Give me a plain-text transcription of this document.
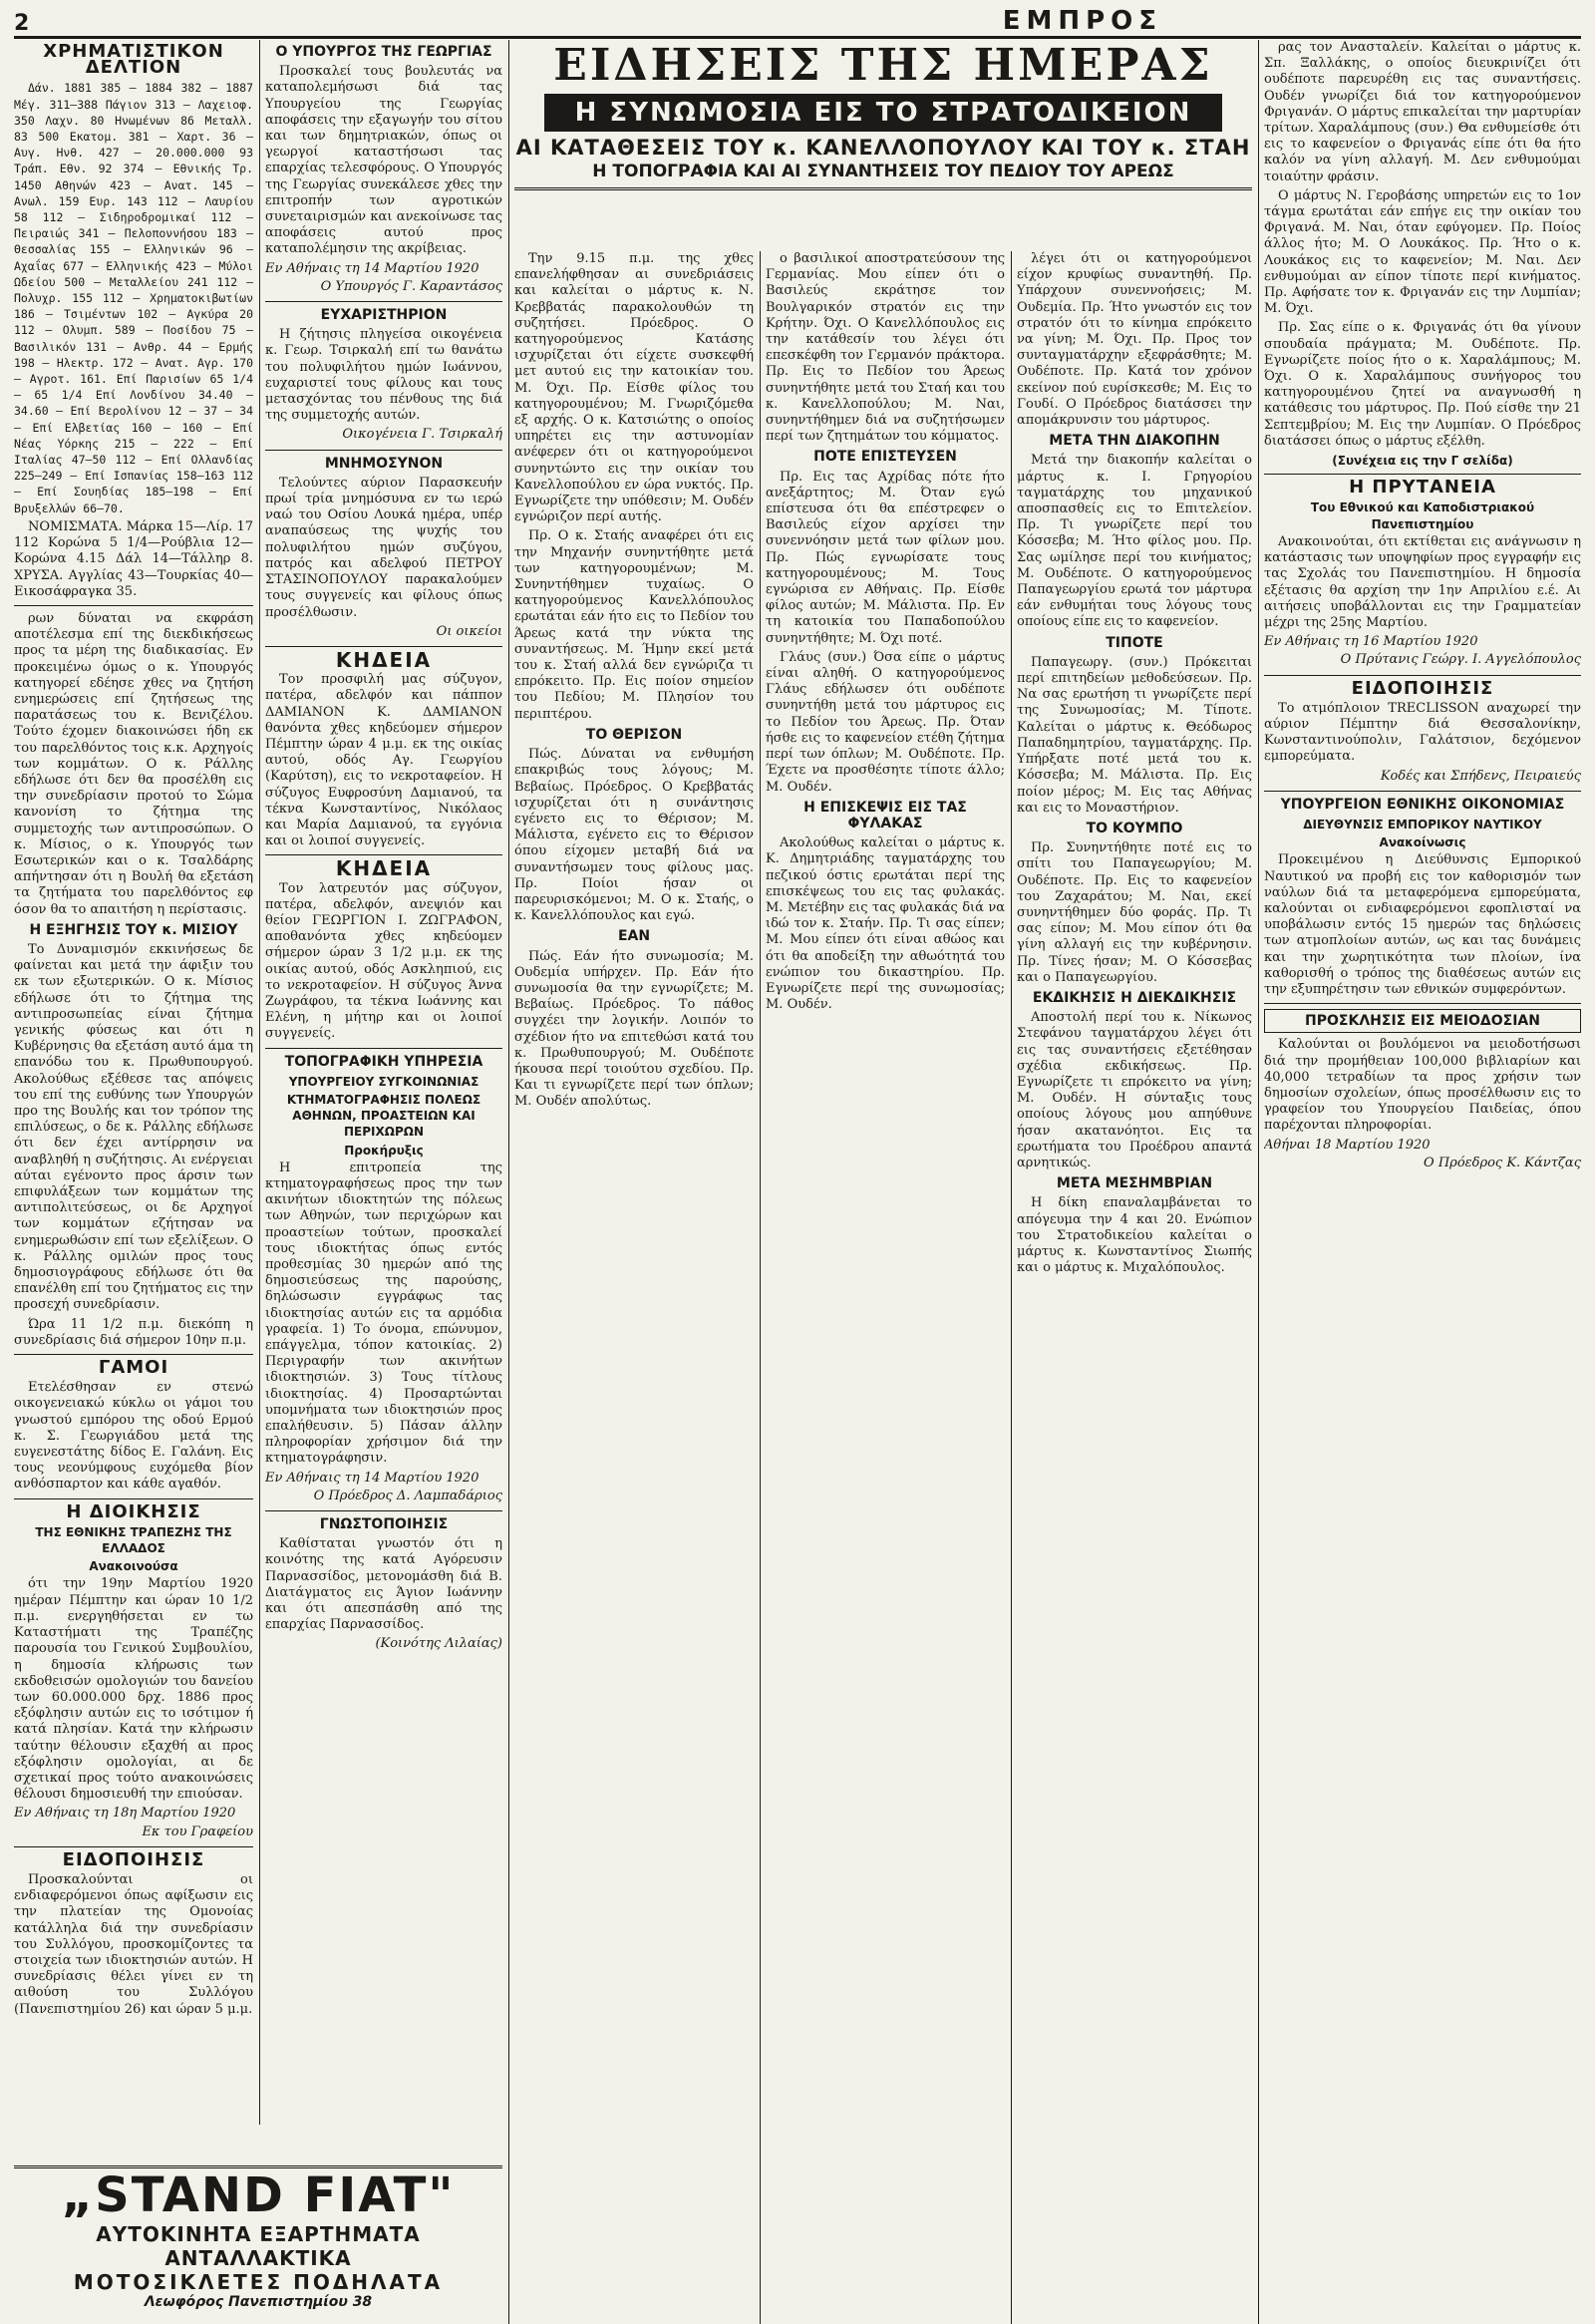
2	ΕΜΠΡΟΣ
ΧΡΗΜΑΤΙΣΤΙΚΟΝ ΔΕΛΤΙΟΝ

Δάν. 1881 385 — 1884 382 — 1887 Μέγ. 311—388 Πάγιον 313 — Λαχειοφ. 350 Λαχν. 80 Ηνωμένων 86 Μεταλλ. 83 500 Εκατομ. 381 — Χαρτ. 36 — Αυγ. Ηνθ. 427 — 20.000.000 93 Τράπ. Εθν. 92 374 — Εθνικής Τρ. 1450 Αθηνών 423 — Ανατ. 145 — Ανωλ. 159 Ευρ. 143 112 — Λαυρίου 58 112 — Σιδηροδρομικαί 112 — Πειραιώς 341 — Πελοποννήσου 183 — Θεσσαλίας 155 — Ελληνικών 96 — Αχαΐας 677 — Ελληνικής 423 — Μύλοι Ωδείου 500 — Μεταλλείου 241 112 — Πολυχρ. 155 112 — Χρηματοκιβωτίων 186 — Τσιμέντων 102 — Αγκύρα 20 112 — Ολυμπ. 589 — Ποσίδου 75 — Βασιλικόν 131 — Ανθρ. 44 — Ερμής 198 — Ηλεκτρ. 172 — Ανατ. Αγρ. 170 — Αγροτ. 161. Επί Παρισίων 65 1/4 — 65 1/4 Επί Λονδίνου 34.40 — 34.60 — Επί Βερολίνου 12 — 37 — 34 — Επί Ελβετίας 160 — 160 — Επί Νέας Υόρκης 215 — 222 — Επί Ιταλίας 47—50 112 — Επί Ολλανδίας 225—249 — Επί Ισπανίας 158—163 112 — Επί Σουηδίας 185—198 — Επί Βρυξελλών 66—70.

ΝΟΜΙΣΜΑΤΑ. Μάρκα 15—Λίρ. 17 112 Κορώνα 5 1/4—Ρούβλια 12—Κορώνα 4.15 Δάλ 14—Τάλληρ 8. ΧΡΥΣΑ. Αγγλίας 43—Τουρκίας 40—Εικοσάφραγκα 35.

ρων δύναται να εκφράση αποτέλεσμα επί της διεκδικήσεως προς τα μέρη της διαδικασίας. Εν προκειμένω όμως ο κ. Υπουργός κατηγορεί εδέησε χθες να ζητήση ενημερώσεις επί ζητήσεως της παρατάσεως του κ. Βενιζέλου. Τούτο έχομεν διακοινώσει ήδη εκ του παρελθόντος τοις κ.κ. Αρχηγοίς των κομμάτων. Ο κ. Ράλλης εδήλωσε ότι δεν θα προσέλθη εις την συνεδρίασιν προτού το Σώμα κανονίση το ζήτημα της συμμετοχής των αντιπροσώπων. Ο κ. Μίσιος, ο κ. Υπουργός των Εσωτερικών και ο κ. Τσαλδάρης απήντησαν ότι η Βουλή θα εξετάση τα ζητήματα του παρελθόντος εφ όσον θα το απαιτήση η περίστασις.

Η ΕΞΗΓΗΣΙΣ ΤΟΥ κ. ΜΙΣΙΟΥ

Το Δυναμισμόν εκκινήσεως δε φαίνεται και μετά την άφιξιν του εκ των εξωτερικών. Ο κ. Μίσιος εδήλωσε ότι το ζήτημα της αντιπροσωπείας είναι ζήτημα γενικής φύσεως και ότι η Κυβέρνησις θα εξετάση αυτό άμα τη επανόδω του κ. Πρωθυπουργού. Ακολούθως εξέθεσε τας απόψεις του επί της ευθύνης των Υπουργών προ της Βουλής και τον τρόπον της επιλύσεως, ο δε κ. Ράλλης εδήλωσε ότι δεν έχει αντίρρησιν να αναβληθή η συζήτησις. Αι ενέργειαι αύται εγένοντο προς άρσιν των επιφυλάξεων των κομμάτων της αντιπολιτεύσεως, οι δε Αρχηγοί των κομμάτων εζήτησαν να ενημερωθώσιν επί των εξελίξεων. Ο κ. Ράλλης ομιλών προς τους δημοσιογράφους εδήλωσε ότι θα επανέλθη επί του ζητήματος εις την προσεχή συνεδρίασιν.

Ώρα 11 1/2 π.μ. διεκόπη η συνεδρίασις διά σήμερον 10ην π.μ.

ΓΑΜΟΙ

Ετελέσθησαν εν στενώ οικογενειακώ κύκλω οι γάμοι του γνωστού εμπόρου της οδού Ερμού κ. Σ. Γεωργιάδου μετά της ευγενεστάτης δίδος Ε. Γαλάνη. Εις τους νεονύμφους ευχόμεθα βίον ανθόσπαρτον και κάθε αγαθόν.

Η ΔΙΟΙΚΗΣΙΣ
ΤΗΣ ΕΘΝΙΚΗΣ ΤΡΑΠΕΖΗΣ ΤΗΣ ΕΛΛΑΔΟΣ
Ανακοινούσα

ότι την 19ην Μαρτίου 1920 ημέραν Πέμπτην και ώραν 10 1/2 π.μ. ενεργηθήσεται εν τω Καταστήματι της Τραπέζης παρουσία του Γενικού Συμβουλίου, η δημοσία κλήρωσις των εκδοθεισών ομολογιών του δανείου των 60.000.000 δρχ. 1886 προς εξόφλησιν αυτών εις το ισότιμον ή κατά πλησίαν. Κατά την κλήρωσιν ταύτην θέλουσιν εξαχθή αι προς εξόφλησιν ομολογίαι, αι δε σχετικαί προς τούτο ανακοινώσεις θέλουσι δημοσιευθή την επιούσαν.

Εν Αθήναις τη 18η Μαρτίου 1920
Εκ του Γραφείου
ΕΙΔΟΠΟΙΗΣΙΣ

Προσκαλούνται οι ενδιαφερόμενοι όπως αφίξωσιν εις την πλατείαν της Ομονοίας κατάλληλα διά την συνεδρίασιν του Συλλόγου, προσκομίζοντες τα στοιχεία των ιδιοκτησιών αυτών. Η συνεδρίασις θέλει γίνει εν τη αιθούση του Συλλόγου (Πανεπιστημίου 26) και ώραν 5 μ.μ.

„STAND FIAT"
ΑΥΤΟΚΙΝΗΤΑ ΕΞΑΡΤΗΜΑΤΑ ΑΝΤΑΛΛΑΚΤΙΚΑ
ΜΟΤΟΣΙΚΛΕΤΕΣ ΠΟΔΗΛΑΤΑ
Λεωφόρος Πανεπιστημίου 38
Ο ΥΠΟΥΡΓΟΣ ΤΗΣ ΓΕΩΡΓΙΑΣ

Προσκαλεί τους βουλευτάς να καταπολεμήσωσι διά τας Υπουργείου της Γεωργίας αποφάσεις την εξαγωγήν του σίτου και των δημητριακών, όπως οι γεωργοί καταστήσωσι τας επαρχίας τελεσφόρους. Ο Υπουργός της Γεωργίας συνεκάλεσε χθες την επιτροπήν των αγροτικών συνεταιρισμών και ανεκοίνωσε τας αποφάσεις αυτού προς καταπολέμησιν της ακρίβειας.

Εν Αθήναις τη 14 Μαρτίου 1920
Ο Υπουργός Γ. Καραντάσος
ΕΥΧΑΡΙΣΤΗΡΙΟΝ

Η ζήτησις πληγείσα οικογένεια κ. Γεωρ. Τσιρκαλή επί τω θανάτω του πολυφιλήτου ημών Ιωάννου, ευχαριστεί τους φίλους και τους μετασχόντας του πένθους της διά της συμμετοχής αυτών.

Οικογένεια Γ. Τσιρκαλή
ΜΝΗΜΟΣΥΝΟΝ

Τελούντες αύριον Παρασκευήν πρωί τρία μνημόσυνα εν τω ιερώ ναώ του Οσίου Λουκά ημέρα, υπέρ αναπαύσεως της ψυχής του πολυφιλήτου ημών συζύγου, πατρός και αδελφού ΠΕΤΡΟΥ ΣΤΑΣΙΝΟΠΟΥΛΟΥ παρακαλούμεν τους συγγενείς και φίλους όπως προσέλθωσιν.

Οι οικείοι
ΚΗΔΕΙΑ

Τον προσφιλή μας σύζυγον, πατέρα, αδελφόν και πάππον ΔΑΜΙΑΝΟΝ Κ. ΔΑΜΙΑΝΟΝ θανόντα χθες κηδεύομεν σήμερον Πέμπτην ώραν 4 μ.μ. εκ της οικίας αυτού, οδός Αγ. Γεωργίου (Καρύτση), εις το νεκροταφείον. Η σύζυγος Ευφροσύνη Δαμιανού, τα τέκνα Κωνσταντίνος, Νικόλαος και Μαρία Δαμιανού, τα εγγόνια και οι λοιποί συγγενείς.

ΚΗΔΕΙΑ

Τον λατρευτόν μας σύζυγον, πατέρα, αδελφόν, ανεψιόν και θείον ΓΕΩΡΓΙΟΝ Ι. ΖΩΓΡΑΦΟΝ, αποθανόντα χθες κηδεύομεν σήμερον ώραν 3 1/2 μ.μ. εκ της οικίας αυτού, οδός Ασκληπιού, εις το νεκροταφείον. Η σύζυγος Άννα Ζωγράφου, τα τέκνα Ιωάννης και Ελένη, η μήτηρ και οι λοιποί συγγενείς.

ΤΟΠΟΓΡΑΦΙΚΗ ΥΠΗΡΕΣΙΑ
ΥΠΟΥΡΓΕΙΟΥ ΣΥΓΚΟΙΝΩΝΙΑΣ
ΚΤΗΜΑΤΟΓΡΑΦΗΣΙΣ ΠΟΛΕΩΣ ΑΘΗΝΩΝ, ΠΡΟΑΣΤΕΙΩΝ ΚΑΙ ΠΕΡΙΧΩΡΩΝ
Προκήρυξις

Η επιτροπεία της κτηματογραφήσεως προς την των ακινήτων ιδιοκτητών της πόλεως των Αθηνών, των περιχώρων και προαστείων τούτων, προσκαλεί τους ιδιοκτήτας όπως εντός προθεσμίας 30 ημερών από της δημοσιεύσεως της παρούσης, δηλώσωσιν εγγράφως τας ιδιοκτησίας αυτών εις τα αρμόδια γραφεία. 1) Το όνομα, επώνυμον, επάγγελμα, τόπον κατοικίας. 2) Περιγραφήν των ακινήτων ιδιοκτησιών. 3) Τους τίτλους ιδιοκτησίας. 4) Προσαρτώνται υπομνήματα των ιδιοκτησιών προς επαλήθευσιν. 5) Πάσαν άλλην πληροφορίαν χρήσιμον διά την κτηματογράφησιν.

Εν Αθήναις τη 14 Μαρτίου 1920
Ο Πρόεδρος Δ. Λαμπαδάριος
ΓΝΩΣΤΟΠΟΙΗΣΙΣ

Καθίσταται γνωστόν ότι η κοινότης της κατά Αγόρευσιν Παρνασσίδος, μετονομάσθη διά Β. Διατάγματος εις Άγιον Ιωάννην και ότι απεσπάσθη από της επαρχίας Παρνασσίδος.

(Κοινότης Λιλαίας)
ΕΙΔΗΣΕΙΣ ΤΗΣ ΗΜΕΡΑΣ
Η ΣΥΝΩΜΟΣΙΑ ΕΙΣ ΤΟ ΣΤΡΑΤΟΔΙΚΕΙΟΝ
ΑΙ ΚΑΤΑΘΕΣΕΙΣ ΤΟΥ κ. ΚΑΝΕΛΛΟΠΟΥΛΟΥ ΚΑΙ ΤΟΥ κ. ΣΤΑΗ
Η ΤΟΠΟΓΡΑΦΙΑ ΚΑΙ ΑΙ ΣΥΝΑΝΤΗΣΕΙΣ ΤΟΥ ΠΕΔΙΟΥ ΤΟΥ ΑΡΕΩΣ

Την 9.15 π.μ. της χθες επανελήφθησαν αι συνεδριάσεις και καλείται ο μάρτυς κ. Ν. Κρεββατάς παρακολουθών τη συζητήσει. Πρόεδρος. Ο κατηγορούμενος Κατάσης ισχυρίζεται ότι είχετε συσκεφθή μετ αυτού εις την κατοικίαν του. Μ. Όχι. Πρ. Είσθε φίλος του κατηγορουμένου; Μ. Γνωριζόμεθα εξ αρχής. Ο κ. Κατσιώτης ο οποίος υπηρέτει εις την αστυνομίαν ανέφερεν ότι οι κατηγορούμενοι συνηντώντο εις την οικίαν του Κανελλοπούλου εν ώρα νυκτός. Πρ. Εγνωρίζετε την υπόθεσιν; Μ. Ουδέν εγνώριζον περί αυτής.

Πρ. Ο κ. Σταής αναφέρει ότι εις την Μηχανήν συνηντήθητε μετά των κατηγορουμένων; Μ. Συνηντήθημεν τυχαίως. Ο κατηγορούμενος Κανελλόπουλος ερωτάται εάν ήτο εις το Πεδίον του Άρεως κατά την νύκτα της συναντήσεως. Μ. Ήμην εκεί μετά του κ. Σταή αλλά δεν εγνώριζα τι επρόκειτο. Πρ. Εις ποίον σημείον του Πεδίου; Μ. Πλησίον του περιπτέρου.

ΤΟ ΘΕΡΙΣΟΝ

Πώς. Δύναται να ενθυμήση επακριβώς τους λόγους; Μ. Βεβαίως. Πρόεδρος. Ο Κρεββατάς ισχυρίζεται ότι η συνάντησις εγένετο εις το Θέρισον; Μ. Μάλιστα, εγένετο εις το Θέρισον όπου είχομεν μεταβή διά να συναντήσωμεν τους φίλους μας. Πρ. Ποίοι ήσαν οι παρευρισκόμενοι; Μ. Ο κ. Σταής, ο κ. Κανελλόπουλος και εγώ.

ΕΑΝ

Πώς. Εάν ήτο συνωμοσία; Μ. Ουδεμία υπήρχεν. Πρ. Εάν ήτο συνωμοσία θα την εγνωρίζετε; Μ. Βεβαίως. Πρόεδρος. Το πάθος συγχέει την λογικήν. Λοιπόν το σχέδιον ήτο να επιτεθώσι κατά του κ. Πρωθυπουργού; Μ. Ουδέποτε ήκουσα περί τοιούτου σχεδίου. Πρ. Και τι εγνωρίζετε περί των όπλων; Μ. Ουδέν απολύτως.

ο βασιλικοί αποστρατεύσουν της Γερμανίας. Μου είπεν ότι ο Βασιλεύς εκράτησε τον Βουλγαρικόν στρατόν εις την Κρήτην. Όχι. Ο Κανελλόπουλος εις την κατάθεσίν του λέγει ότι επεσκέφθη τον Γερμανόν πράκτορα. Πρ. Εις το Πεδίον του Άρεως συνηντήθητε μετά του Σταή και του κ. Κανελλοπούλου; Μ. Ναι, συνηντήθημεν διά να συζητήσωμεν περί των ζητημάτων του κόμματος.

ΠΟΤΕ ΕΠΙΣΤΕΥΣΕΝ

Πρ. Εις τας Αχρίδας πότε ήτο ανεξάρτητος; Μ. Όταν εγώ επίστευσα ότι θα επέστρεφεν ο Βασιλεύς είχον αρχίσει την συνεννόησιν μετά των φίλων μου. Πρ. Πώς εγνωρίσατε τους κατηγορουμένους; Μ. Τους εγνώρισα εν Αθήναις. Πρ. Είσθε φίλος αυτών; Μ. Μάλιστα. Πρ. Εν τη κατοικία του Παπαδοπούλου συνηντήθητε; Μ. Όχι ποτέ.

Γλάυς (συν.) Όσα είπε ο μάρτυς είναι αληθή. Ο κατηγορούμενος Γλάυς εδήλωσεν ότι ουδέποτε συνηντήθη μετά του μάρτυρος εις το Πεδίον του Άρεως. Πρ. Όταν ήσθε εις το καφενείον ετέθη ζήτημα περί των όπλων; Μ. Ουδέποτε. Πρ. Έχετε να προσθέσητε τίποτε άλλο; Μ. Ουδέν.

Η ΕΠΙΣΚΕΨΙΣ ΕΙΣ ΤΑΣ ΦΥΛΑΚΑΣ

Ακολούθως καλείται ο μάρτυς κ. Κ. Δημητριάδης ταγματάρχης του πεζικού όστις ερωτάται περί της επισκέψεως του εις τας φυλακάς. Μ. Μετέβην εις τας φυλακάς διά να ιδώ τον κ. Σταήν. Πρ. Τι σας είπεν; Μ. Μου είπεν ότι είναι αθώος και ότι θα αποδείξη την αθωότητά του ενώπιον του δικαστηρίου. Πρ. Εγνωρίζετε περί της συνωμοσίας; Μ. Ουδέν.

λέγει ότι οι κατηγορούμενοι είχον κρυφίως συναντηθή. Πρ. Υπάρχουν συνεννοήσεις; Μ. Ουδεμία. Πρ. Ήτο γνωστόν εις τον στρατόν ότι το κίνημα επρόκειτο να γίνη; Μ. Όχι. Πρ. Προς τον συνταγματάρχην εξεφράσθητε; Μ. Ουδέποτε. Πρ. Κατά τον χρόνον εκείνον πού ευρίσκεσθε; Μ. Εις το Γουδί. Ο Πρόεδρος διατάσσει την απομάκρυνσιν του μάρτυρος.

ΜΕΤΑ ΤΗΝ ΔΙΑΚΟΠΗΝ

Μετά την διακοπήν καλείται ο μάρτυς κ. Ι. Γρηγορίου ταγματάρχης του μηχανικού αποσπασθείς εις το Επιτελείον. Πρ. Τι γνωρίζετε περί του Κόσσεβα; Μ. Ήτο φίλος μου. Πρ. Σας ωμίλησε περί του κινήματος; Μ. Ουδέποτε. Ο κατηγορούμενος Παπαγεωργίου ερωτά τον μάρτυρα εάν ενθυμήται τους λόγους τους οποίους είπε εις το καφενείον.

ΤΙΠΟΤΕ

Παπαγεωργ. (συν.) Πρόκειται περί επιτηδείων μεθοδεύσεων. Πρ. Να σας ερωτήση τι γνωρίζετε περί της Συνωμοσίας; Μ. Τίποτε. Καλείται ο μάρτυς κ. Θεόδωρος Παπαδημητρίου, ταγματάρχης. Πρ. Υπήρξατε ποτέ μετά του κ. Κόσσεβα; Μ. Μάλιστα. Πρ. Εις ποίον μέρος; Μ. Εις τας Αθήνας και εις το Μοναστήριον.

ΤΟ ΚΟΥΜΠΟ

Πρ. Συνηντήθητε ποτέ εις το σπίτι του Παπαγεωργίου; Μ. Ουδέποτε. Πρ. Εις το καφενείον του Ζαχαράτου; Μ. Ναι, εκεί συνηντήθημεν δύο φοράς. Πρ. Τι σας είπον; Μ. Μου είπον ότι θα γίνη αλλαγή εις την κυβέρνησιν. Πρ. Τίνες ήσαν; Μ. Ο Κόσσεβας και ο Παπαγεωργίου.

ΕΚΔΙΚΗΣΙΣ Η ΔΙΕΚΔΙΚΗΣΙΣ

Αποστολή περί του κ. Νίκωνος Στεφάνου ταγματάρχου λέγει ότι εις τας συναντήσεις εξετέθησαν σχέδια εκδικήσεως. Πρ. Εγνωρίζετε τι επρόκειτο να γίνη; Μ. Ουδέν. Η σύνταξις τους οποίους λόγους μου απηύθυνε ήσαν ακατανόητοι. Εις τα ερωτήματα του Προέδρου απαντά αρνητικώς.

ΜΕΤΑ ΜΕΣΗΜΒΡΙΑΝ

Η δίκη επαναλαμβάνεται το απόγευμα την 4 και 20. Ενώπιον του Στρατοδικείου καλείται ο μάρτυς κ. Κωνσταντίνος Σιωπής και ο μάρτυς κ. Μιχαλόπουλος.

ρας τον Ανασταλείν. Καλείται ο μάρτυς κ. Σπ. Ξαλλάκης, ο οποίος διευκρινίζει ότι ουδέποτε παρευρέθη εις τας συναντήσεις. Ουδέν γνωρίζει διά τον κατηγορούμενον Φριγανάν. Ο μάρτυς επικαλείται την μαρτυρίαν τρίτων. Χαραλάμπους (συν.) Θα ενθυμείσθε ότι εις το καφενείον ο Φριγανάς είπε ότι θα ήτο καλόν να γίνη αλλαγή. Μ. Δεν ενθυμούμαι τοιαύτην φράσιν.

Ο μάρτυς Ν. Γεροβάσης υπηρετών εις το 1ον τάγμα ερωτάται εάν επήγε εις την οικίαν του Φριγανά. Μ. Ναι, όταν εφύγομεν. Πρ. Ποίος άλλος ήτο; Μ. Ο Λουκάκος. Πρ. Ήτο ο κ. Λουκάκος εις το καφενείον; Μ. Ναι. Δεν ενθυμούμαι αν είπον τίποτε περί κινήματος. Πρ. Αφήσατε τον κ. Φριγανάν εις την Λυμπίαν; Μ. Όχι.

Πρ. Σας είπε ο κ. Φριγανάς ότι θα γίνουν σπουδαία πράγματα; Μ. Ουδέποτε. Πρ. Εγνωρίζετε ποίος ήτο ο κ. Χαραλάμπους; Μ. Όχι. Ο κ. Χαραλάμπους συνήγορος του κατηγορουμένου ζητεί να αναγνωσθή η κατάθεσις του μάρτυρος. Πρ. Πού είσθε την 21 Σεπτεμβρίου; Μ. Εις την Λυμπίαν. Ο Πρόεδρος διατάσσει όπως ο μάρτυς εξέλθη.

(Συνέχεια εις την Γ σελίδα)
Η ΠΡΥΤΑΝΕΙΑ
Του Εθνικού και Καποδιστριακού Πανεπιστημίου

Ανακοινούται, ότι εκτίθεται εις ανάγνωσιν η κατάστασις των υποψηφίων προς εγγραφήν εις τας Σχολάς του Πανεπιστημίου. Η δημοσία εξέτασις θα αρχίση την 1ην Απριλίου ε.έ. Αι αιτήσεις υποβάλλονται εις την Γραμματείαν μέχρι της 25ης Μαρτίου.

Εν Αθήναις τη 16 Μαρτίου 1920
Ο Πρύτανις Γεώργ. Ι. Αγγελόπουλος
ΕΙΔΟΠΟΙΗΣΙΣ

Το ατμόπλοιον TRECLISSON αναχωρεί την αύριον Πέμπτην διά Θεσσαλονίκην, Κωνσταντινούπολιν, Γαλάτσιον, δεχόμενον εμπορεύματα.

Κοδές και Σπήδενς, Πειραιεύς
ΥΠΟΥΡΓΕΙΟΝ ΕΘΝΙΚΗΣ ΟΙΚΟΝΟΜΙΑΣ
ΔΙΕΥΘΥΝΣΙΣ ΕΜΠΟΡΙΚΟΥ ΝΑΥΤΙΚΟΥ
Ανακοίνωσις

Προκειμένου η Διεύθυνσις Εμπορικού Ναυτικού να προβή εις τον καθορισμόν των ναύλων διά τα μεταφερόμενα εμπορεύματα, καλούνται οι ενδιαφερόμενοι εφοπλισταί να υποβάλωσιν εντός 15 ημερών τας δηλώσεις των ατμοπλοίων αυτών, ως και τας δυνάμεις και την χωρητικότητα των πλοίων, ίνα καθορισθή ο τρόπος της διαθέσεως αυτών εις την εξυπηρέτησιν των εθνικών συμφερόντων.

ΠΡΟΣΚΛΗΣΙΣ ΕΙΣ ΜΕΙΟΔΟΣΙΑΝ

Καλούνται οι βουλόμενοι να μειοδοτήσωσι διά την προμήθειαν 100,000 βιβλιαρίων και 40,000 τετραδίων τα προς χρήσιν των δημοσίων σχολείων, όπως προσέλθωσιν εις το γραφείον του Υπουργείου Παιδείας, όπου παρέχονται πληροφορίαι.

Αθήναι 18 Μαρτίου 1920
Ο Πρόεδρος Κ. Κάντζας
